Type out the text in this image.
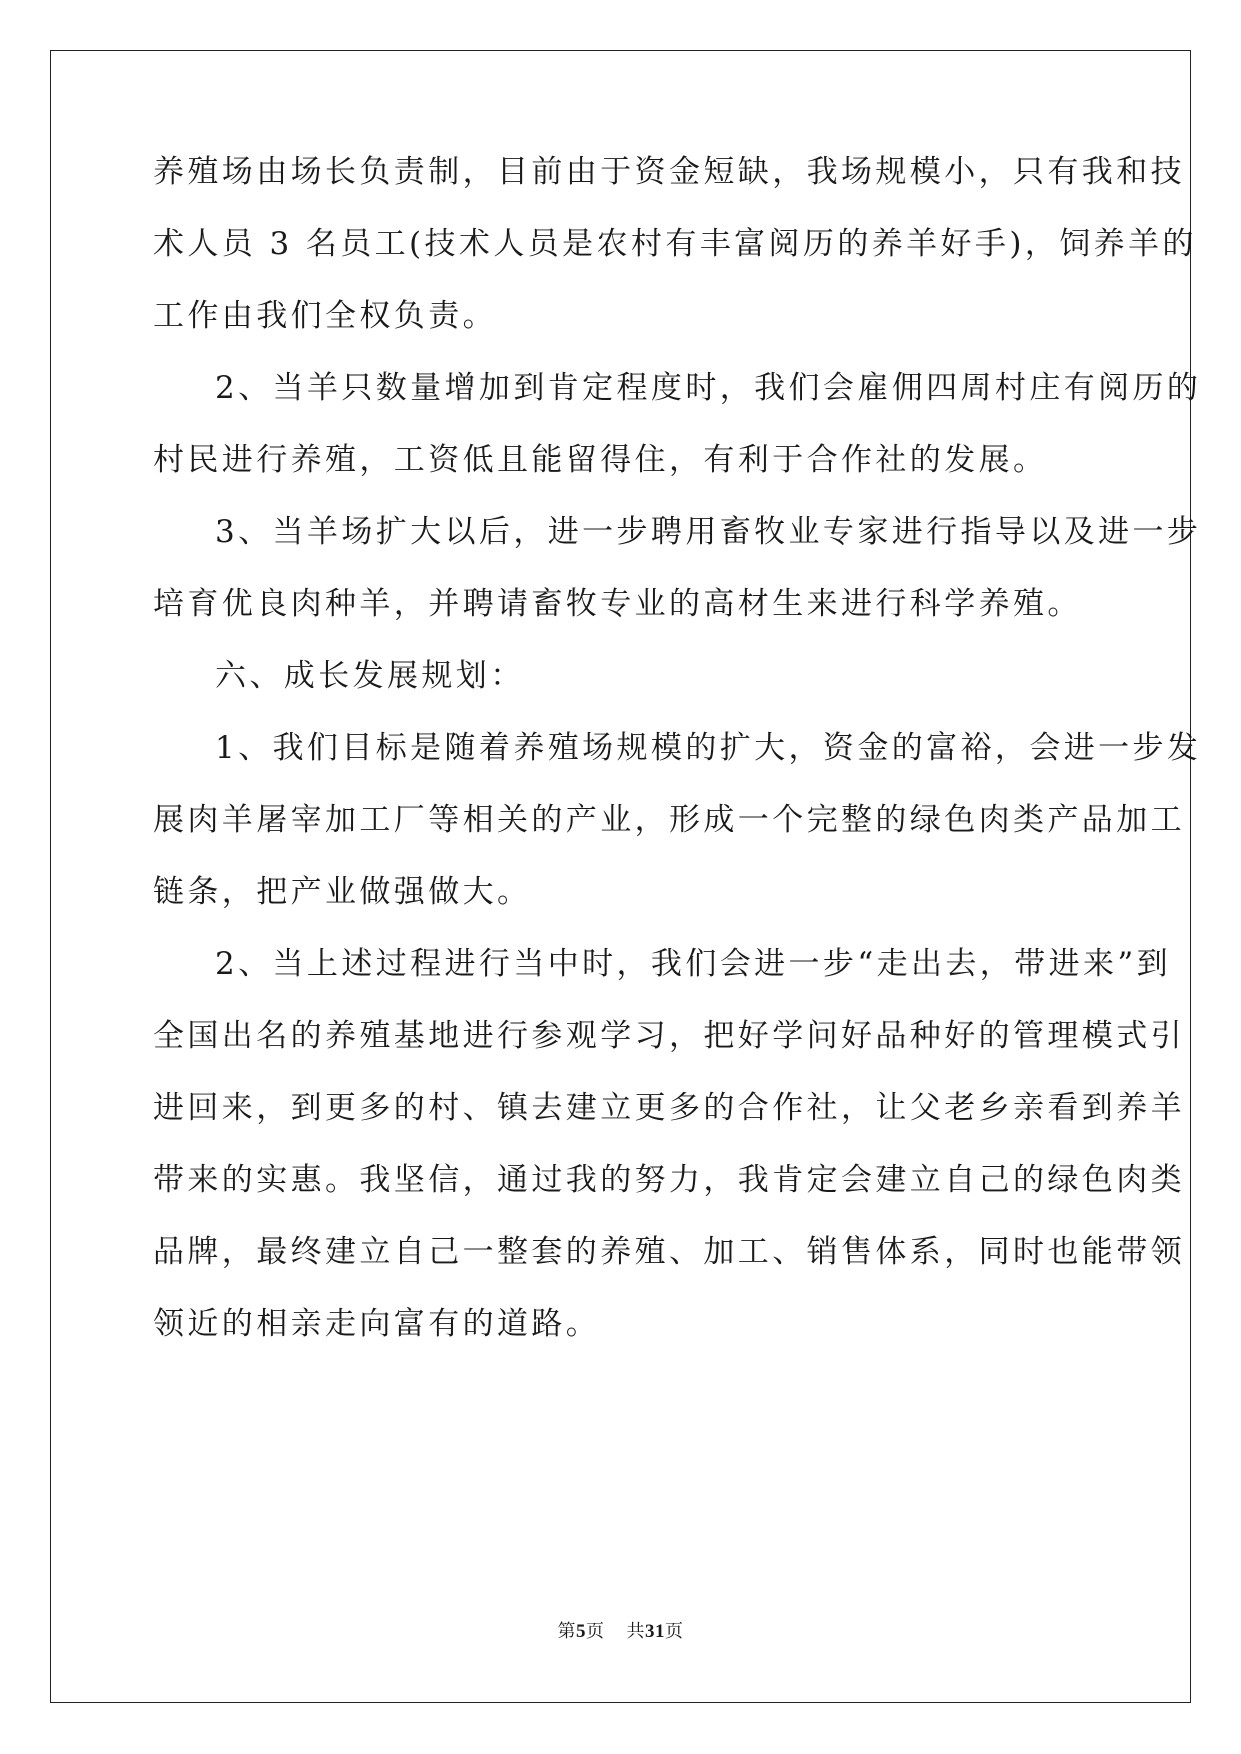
养殖场由场长负责制，目前由于资金短缺，我场规模小，只有我和技
术人员 3 名员工(技术人员是农村有丰富阅历的养羊好手)，饲养羊的
工作由我们全权负责。
2、当羊只数量增加到肯定程度时，我们会雇佣四周村庄有阅历的
村民进行养殖，工资低且能留得住，有利于合作社的发展。
3、当羊场扩大以后，进一步聘用畜牧业专家进行指导以及进一步
培育优良肉种羊，并聘请畜牧专业的高材生来进行科学养殖。
六、成长发展规划：
1、我们目标是随着养殖场规模的扩大，资金的富裕，会进一步发
展肉羊屠宰加工厂等相关的产业，形成一个完整的绿色肉类产品加工
链条，把产业做强做大。
2、当上述过程进行当中时，我们会进一步“走出去，带进来”到
全国出名的养殖基地进行参观学习，把好学问好品种好的管理模式引
进回来，到更多的村、镇去建立更多的合作社，让父老乡亲看到养羊
带来的实惠。我坚信，通过我的努力，我肯定会建立自己的绿色肉类
品牌，最终建立自己一整套的养殖、加工、销售体系，同时也能带领
领近的相亲走向富有的道路。
第5页 共31页
